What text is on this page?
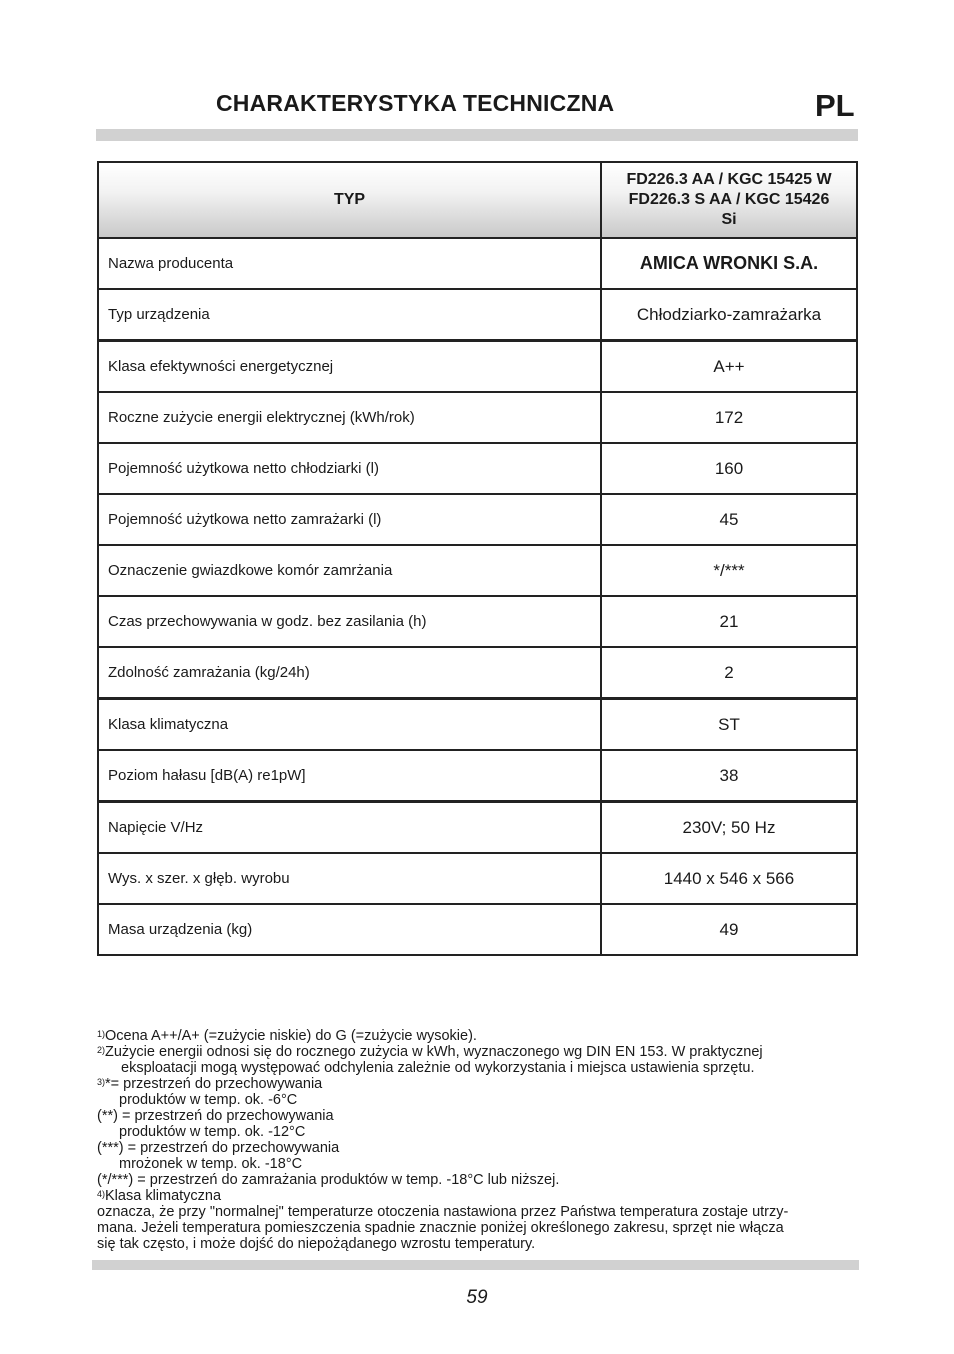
CHARAKTERYSTYKA TECHNICZNA	PL
TYP	FD226.3 AA / KGC 15425 W
FD226.3 S AA / KGC 15426
Si

Nazwa producenta	AMICA WRONKI S.A.
Typ urządzenia	Chłodziarko-zamrażarka
Klasa efektywności energetycznej	A++
Roczne zużycie energii elektrycznej (kWh/rok)	172
Pojemność użytkowa netto chłodziarki (l)	160
Pojemność użytkowa netto zamrażarki (l)	45
Oznaczenie gwiazdkowe komór zamrżania	*/***
Czas przechowywania w godz. bez zasilania (h)	21
Zdolność zamrażania (kg/24h)	2
Klasa klimatyczna	ST
Poziom hałasu [dB(A) re1pW]	38
Napięcie V/Hz	230V; 50 Hz
Wys. x szer. x głęb. wyrobu	1440 x 546 x 566
Masa urządzenia (kg)	49
$^{1)}$Ocena A++/A+ (=zużycie niskie) do G (=zużycie wysokie).
$^{2)}$Zużycie energii odnosi się do rocznego zużycia w kWh, wyznaczonego wg DIN EN 153. W praktycznej
eksploatacji mogą występować odchylenia zależnie od wykorzystania i miejsca ustawienia sprzętu.
$^{3)}$*= przestrzeń do przechowywania
produktów w temp. ok. -6°C
(**) = przestrzeń do przechowywania
produktów w temp. ok. -12°C
(***) = przestrzeń do przechowywania
mrożonek w temp. ok. -18°C
(*/***) = przestrzeń do zamrażania produktów w temp. -18°C lub niższej.
$^{4)}$Klasa klimatyczna
oznacza, że przy "normalnej" temperaturze otoczenia nastawiona przez Państwa temperatura zostaje utrzy-
mana. Jeżeli temperatura pomieszczenia spadnie znacznie poniżej określonego zakresu, sprzęt nie włącza
się tak często, i może dojść do niepożądanego wzrostu temperatury.
59
